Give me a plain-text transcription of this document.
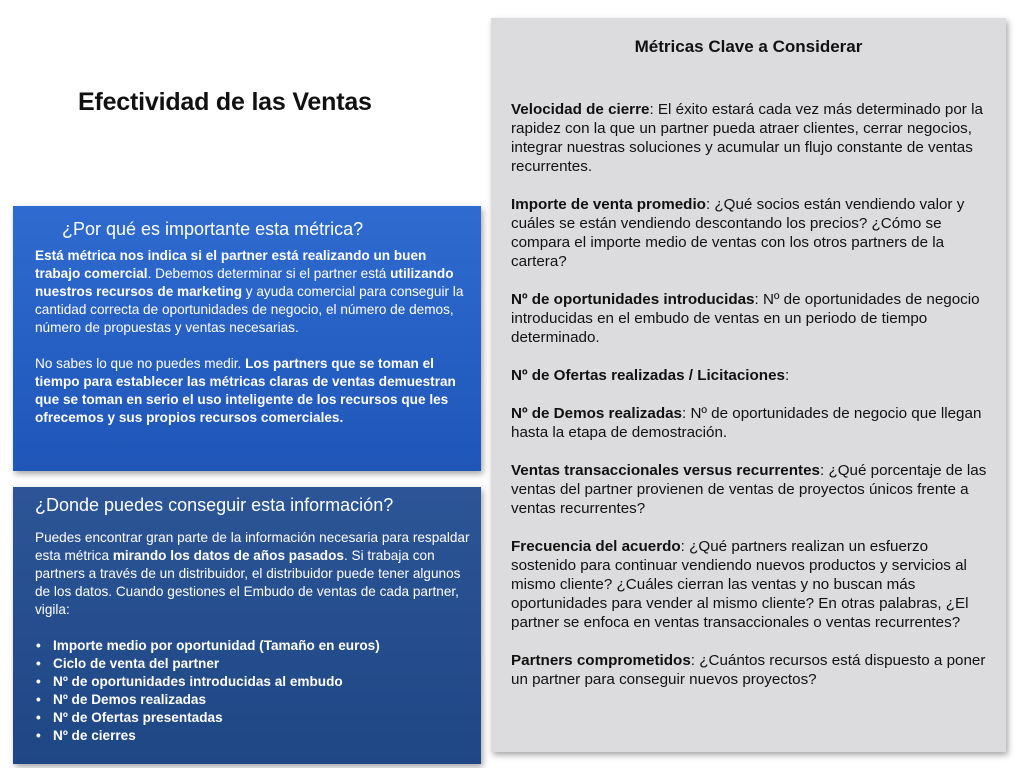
Efectividad de las Ventas
¿Por qué es importante esta métrica?

Está métrica nos indica si el partner está realizando un buen trabajo comercial. Debemos determinar si el partner está utilizando nuestros recursos de marketing y ayuda comercial para conseguir la cantidad correcta de oportunidades de negocio, el número de demos, número de propuestas y ventas necesarias.

No sabes lo que no puedes medir. Los partners que se toman el tiempo para establecer las métricas claras de ventas demuestran que se toman en serio el uso inteligente de los recursos que les ofrecemos y sus propios recursos comerciales.

¿Donde puedes conseguir esta información?

Puedes encontrar gran parte de la información necesaria para respaldar esta métrica mirando los datos de años pasados. Si trabaja con partners a través de un distribuidor, el distribuidor puede tener algunos de los datos. Cuando gestiones el Embudo de ventas de cada partner, vigila:

• Importe medio por oportunidad (Tamaño en euros)
• Ciclo de venta del partner
• Nº de oportunidades introducidas al embudo
• Nº de Demos realizadas
• Nº de Ofertas presentadas
• Nº de cierres
Métricas Clave a Considerar

Velocidad de cierre: El éxito estará cada vez más determinado por la rapidez con la que un partner pueda atraer clientes, cerrar negocios, integrar nuestras soluciones y acumular un flujo constante de ventas recurrentes.

Importe de venta promedio: ¿Qué socios están vendiendo valor y cuáles se están vendiendo descontando los precios? ¿Cómo se compara el importe medio de ventas con los otros partners de la cartera?

Nº de oportunidades introducidas: Nº de oportunidades de negocio introducidas en el embudo de ventas en un periodo de tiempo determinado.

Nº de Ofertas realizadas / Licitaciones:

Nº de Demos realizadas: Nº de oportunidades de negocio que llegan hasta la etapa de demostración.

Ventas transaccionales versus recurrentes: ¿Qué porcentaje de las ventas del partner provienen de ventas de proyectos únicos frente a ventas recurrentes?

Frecuencia del acuerdo: ¿Qué partners realizan un esfuerzo sostenido para continuar vendiendo nuevos productos y servicios al mismo cliente? ¿Cuáles cierran las ventas y no buscan más oportunidades para vender al mismo cliente? En otras palabras, ¿El partner se enfoca en ventas transaccionales o ventas recurrentes?

Partners comprometidos: ¿Cuántos recursos está dispuesto a poner un partner para conseguir nuevos proyectos?
